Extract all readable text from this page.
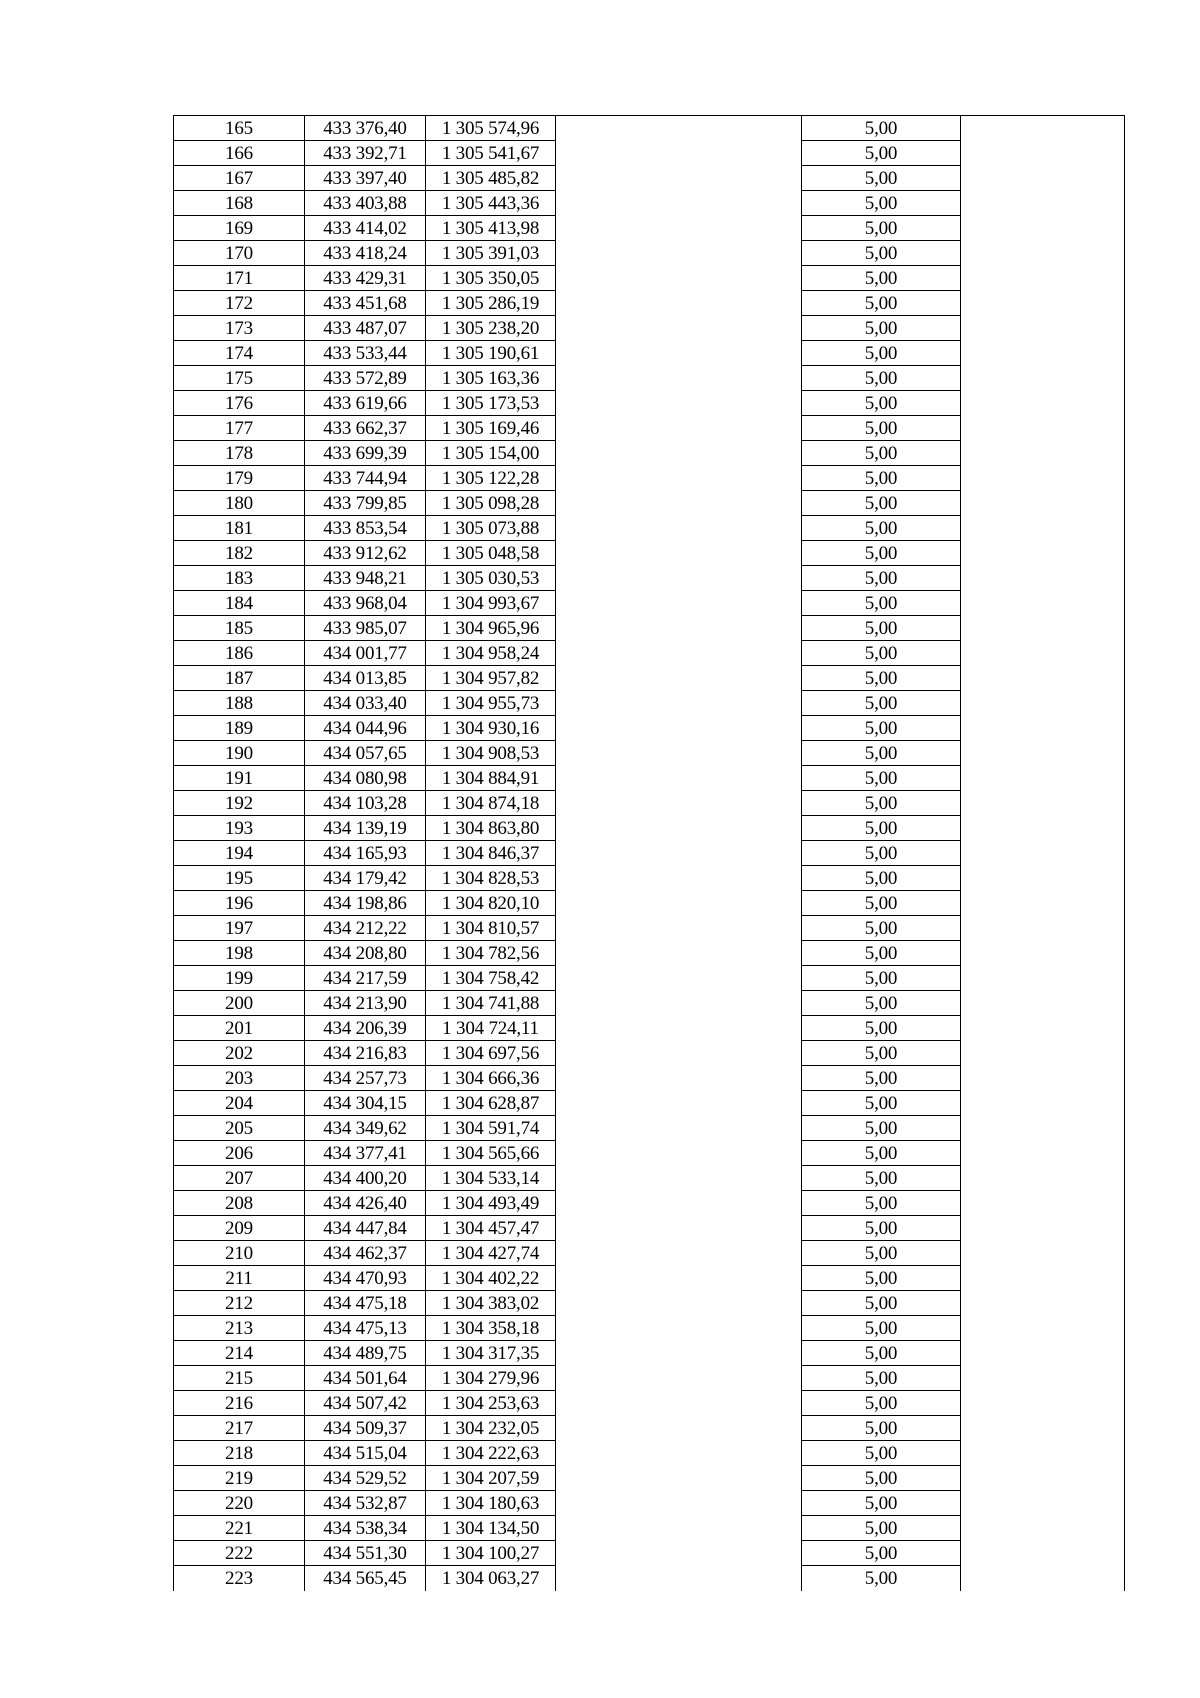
165	433 376,40	1 305 574,96	5,00
166	433 392,71	1 305 541,67	5,00
167	433 397,40	1 305 485,82	5,00
168	433 403,88	1 305 443,36	5,00
169	433 414,02	1 305 413,98	5,00
170	433 418,24	1 305 391,03	5,00
171	433 429,31	1 305 350,05	5,00
172	433 451,68	1 305 286,19	5,00
173	433 487,07	1 305 238,20	5,00
174	433 533,44	1 305 190,61	5,00
175	433 572,89	1 305 163,36	5,00
176	433 619,66	1 305 173,53	5,00
177	433 662,37	1 305 169,46	5,00
178	433 699,39	1 305 154,00	5,00
179	433 744,94	1 305 122,28	5,00
180	433 799,85	1 305 098,28	5,00
181	433 853,54	1 305 073,88	5,00
182	433 912,62	1 305 048,58	5,00
183	433 948,21	1 305 030,53	5,00
184	433 968,04	1 304 993,67	5,00
185	433 985,07	1 304 965,96	5,00
186	434 001,77	1 304 958,24	5,00
187	434 013,85	1 304 957,82	5,00
188	434 033,40	1 304 955,73	5,00
189	434 044,96	1 304 930,16	5,00
190	434 057,65	1 304 908,53	5,00
191	434 080,98	1 304 884,91	5,00
192	434 103,28	1 304 874,18	5,00
193	434 139,19	1 304 863,80	5,00
194	434 165,93	1 304 846,37	5,00
195	434 179,42	1 304 828,53	5,00
196	434 198,86	1 304 820,10	5,00
197	434 212,22	1 304 810,57	5,00
198	434 208,80	1 304 782,56	5,00
199	434 217,59	1 304 758,42	5,00
200	434 213,90	1 304 741,88	5,00
201	434 206,39	1 304 724,11	5,00
202	434 216,83	1 304 697,56	5,00
203	434 257,73	1 304 666,36	5,00
204	434 304,15	1 304 628,87	5,00
205	434 349,62	1 304 591,74	5,00
206	434 377,41	1 304 565,66	5,00
207	434 400,20	1 304 533,14	5,00
208	434 426,40	1 304 493,49	5,00
209	434 447,84	1 304 457,47	5,00
210	434 462,37	1 304 427,74	5,00
211	434 470,93	1 304 402,22	5,00
212	434 475,18	1 304 383,02	5,00
213	434 475,13	1 304 358,18	5,00
214	434 489,75	1 304 317,35	5,00
215	434 501,64	1 304 279,96	5,00
216	434 507,42	1 304 253,63	5,00
217	434 509,37	1 304 232,05	5,00
218	434 515,04	1 304 222,63	5,00
219	434 529,52	1 304 207,59	5,00
220	434 532,87	1 304 180,63	5,00
221	434 538,34	1 304 134,50	5,00
222	434 551,30	1 304 100,27	5,00
223	434 565,45	1 304 063,27	5,00
